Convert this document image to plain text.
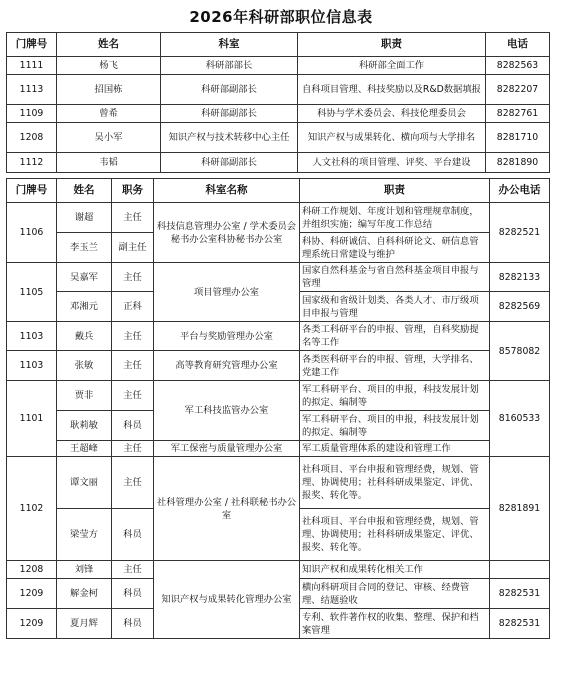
2026年科研部职位信息表
门牌号	姓名	科室	职责	电话
1111	杨飞	科研部部长	科研部全面工作	8282563
1113	招国栋	科研部副部长	自科项目管理、科技奖励以及R&D数据填报	8282207
1109	曾希	科研部副部长	科协与学术委员会、科技伦理委员会	8282761
1208	吴小军	知识产权与技术转移中心主任	知识产权与成果转化、横向项与大学排名	8281710
1112	韦韬	科研部副部长	人文社科的项目管理、评奖、平台建设	8281890
门牌号	姓名	职务	科室名称	职责	办公电话
1106	谢超	主任	科技信息管理办公室 / 学术委员会秘书办公室科协秘书办公室	科研工作规划、年度计划和管理规章制度，并组织实施；编写年度工作总结	8282521
	李玉兰	副主任		科协、科研诚信、自科科研论文、研信息管理系统日常建设与维护	
1105	吴嘉军	主任	项目管理办公室	国家自然科基金与省自然科基金项目申报与管理	8282133
	邓湘元	正科		国家级和省级计划类、各类人才、市厅级项目申报与管理	8282569
1103	戴兵	主任	平台与奖励管理办公室	各类工科研平台的申报、管理，自科奖励提名等工作	8578082
1103	张敏	主任	高等教育研究管理办公室	各类医科研平台的申报、管理，大学排名、党建工作	
1101	贾非	主任	军工科技监管办公室	军工科研平台、项目的申报，科技发展计划的拟定、编制等	8160533
	耿莉敏	科员		军工科研平台、项目的申报，科技发展计划的拟定、编制等	
	王超峰	主任	军工保密与质量管理办公室	军工质量管理体系的建设和管理工作	
1102	谭文丽	主任	社科管理办公室 / 社科联秘书办公室	社科项目、平台申报和管理经费，规划、管理、协调使用；社科科研成果鉴定、评优、报奖、转化等。	8281891
	梁莹方	科员		社科项目、平台申报和管理经费，规划、管理、协调使用；社科科研成果鉴定、评优、报奖、转化等。	
1208	刘锋	主任	知识产权与成果转化管理办公室	知识产权和成果转化相关工作	
1209	解金柯	科员		横向科研项目合同的登记、审核、经费管理、结题验收	8282531
1209	夏月辉	科员		专利、软件著作权的收集、整理、保护和档案管理	8282531
